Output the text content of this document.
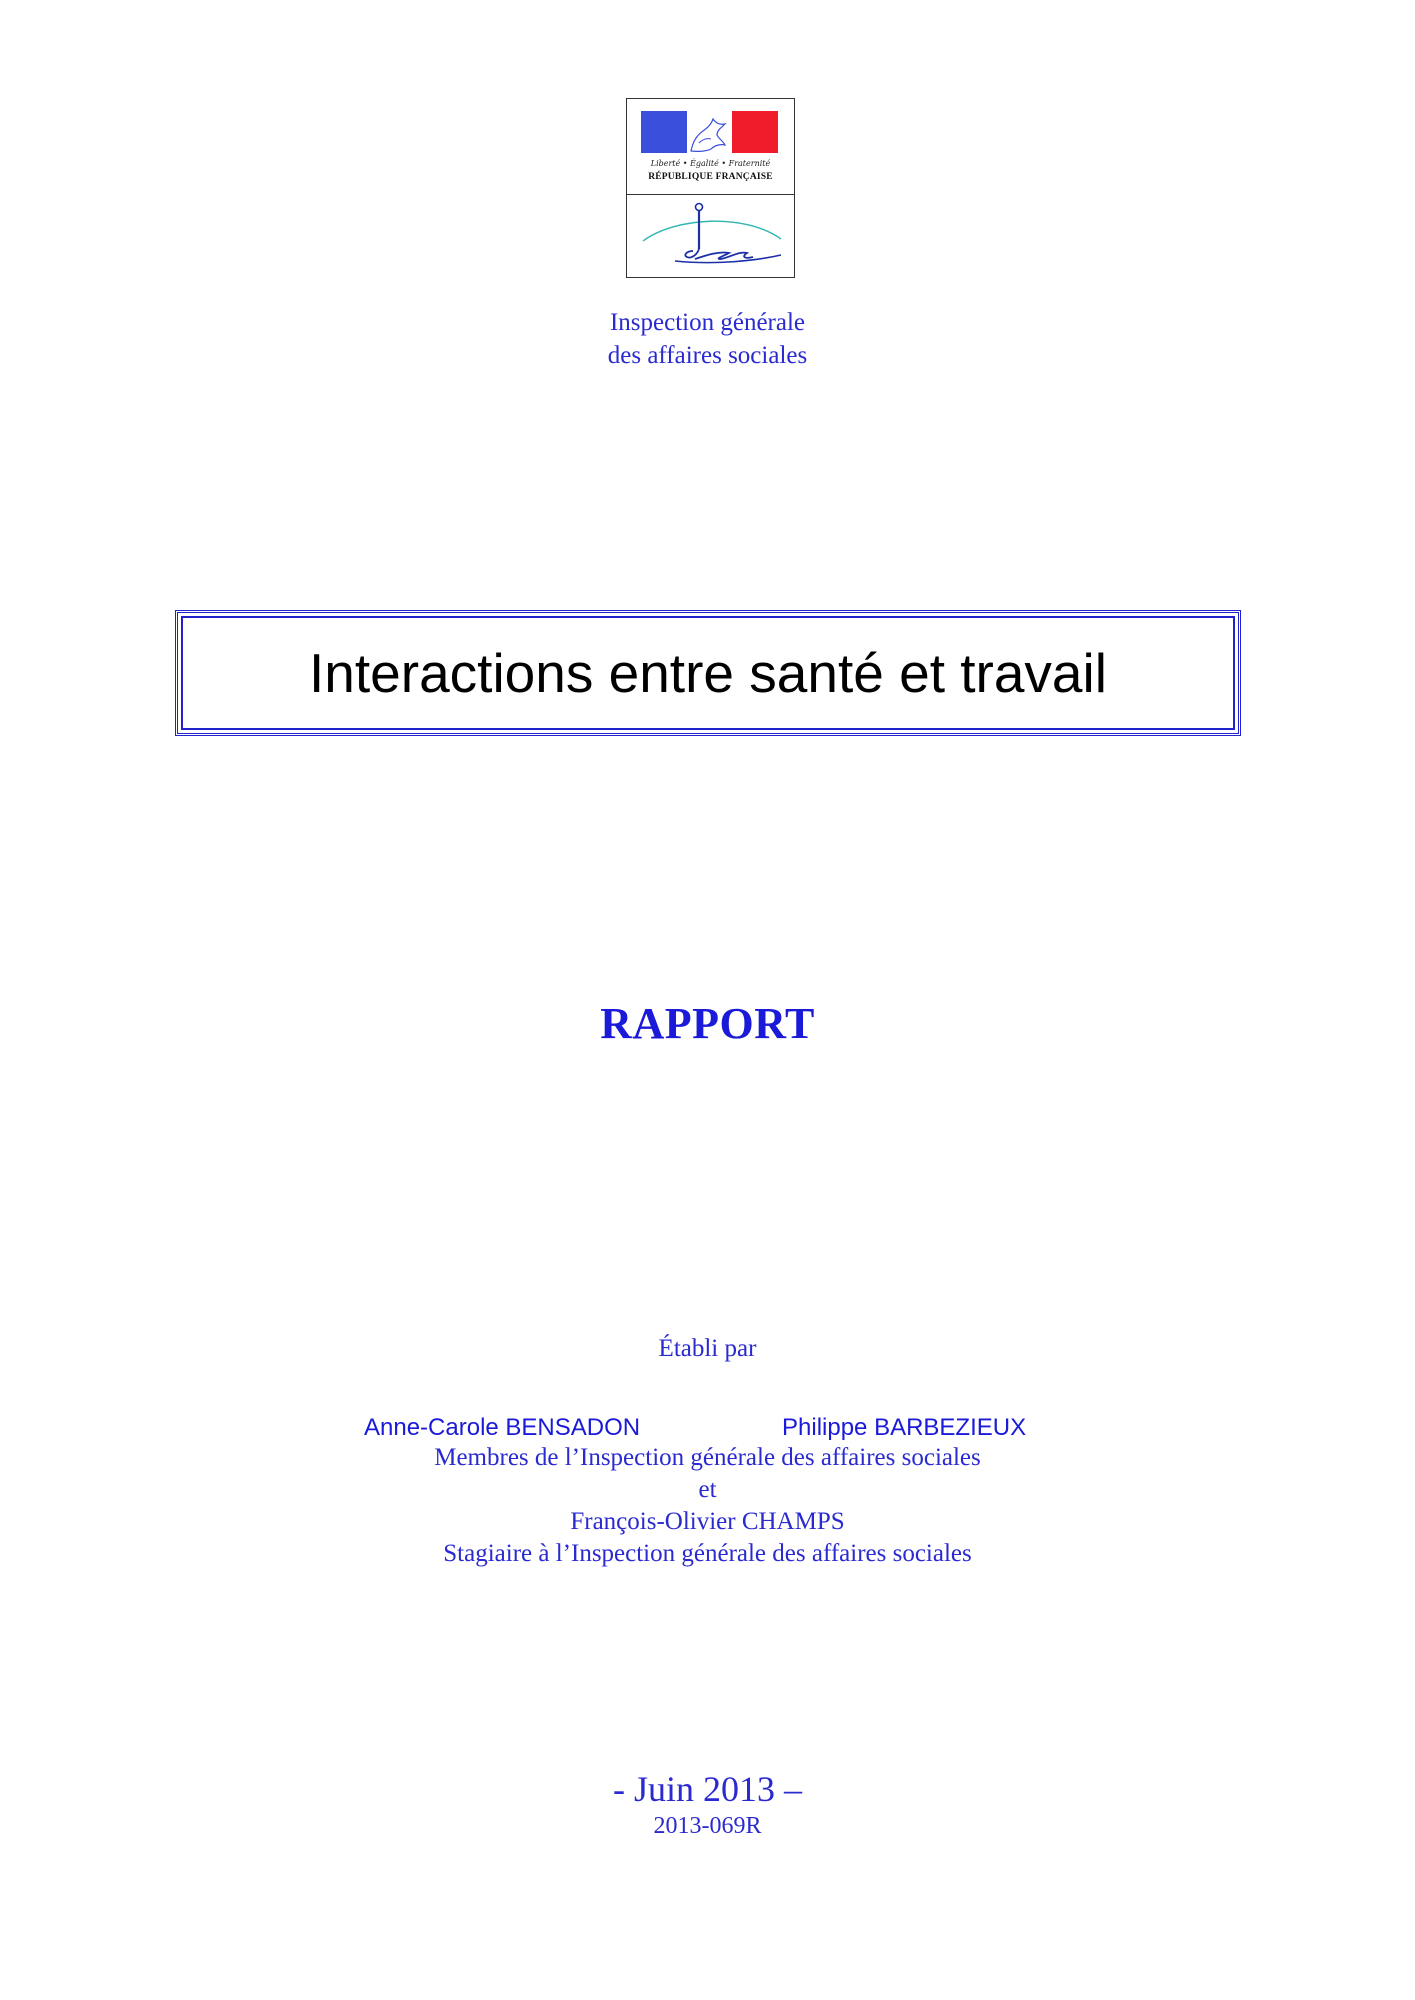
Liberté • Égalité • Fraternité
RÉPUBLIQUE FRANÇAISE
Inspection générale
des affaires sociales
Interactions entre santé et travail
RAPPORT
Établi par
Anne-Carole BENSADON	Philippe BARBEZIEUX
Membres de l’Inspection générale des affaires sociales
et
François-Olivier CHAMPS
Stagiaire à l’Inspection générale des affaires sociales
- Juin 2013 –
2013-069R
